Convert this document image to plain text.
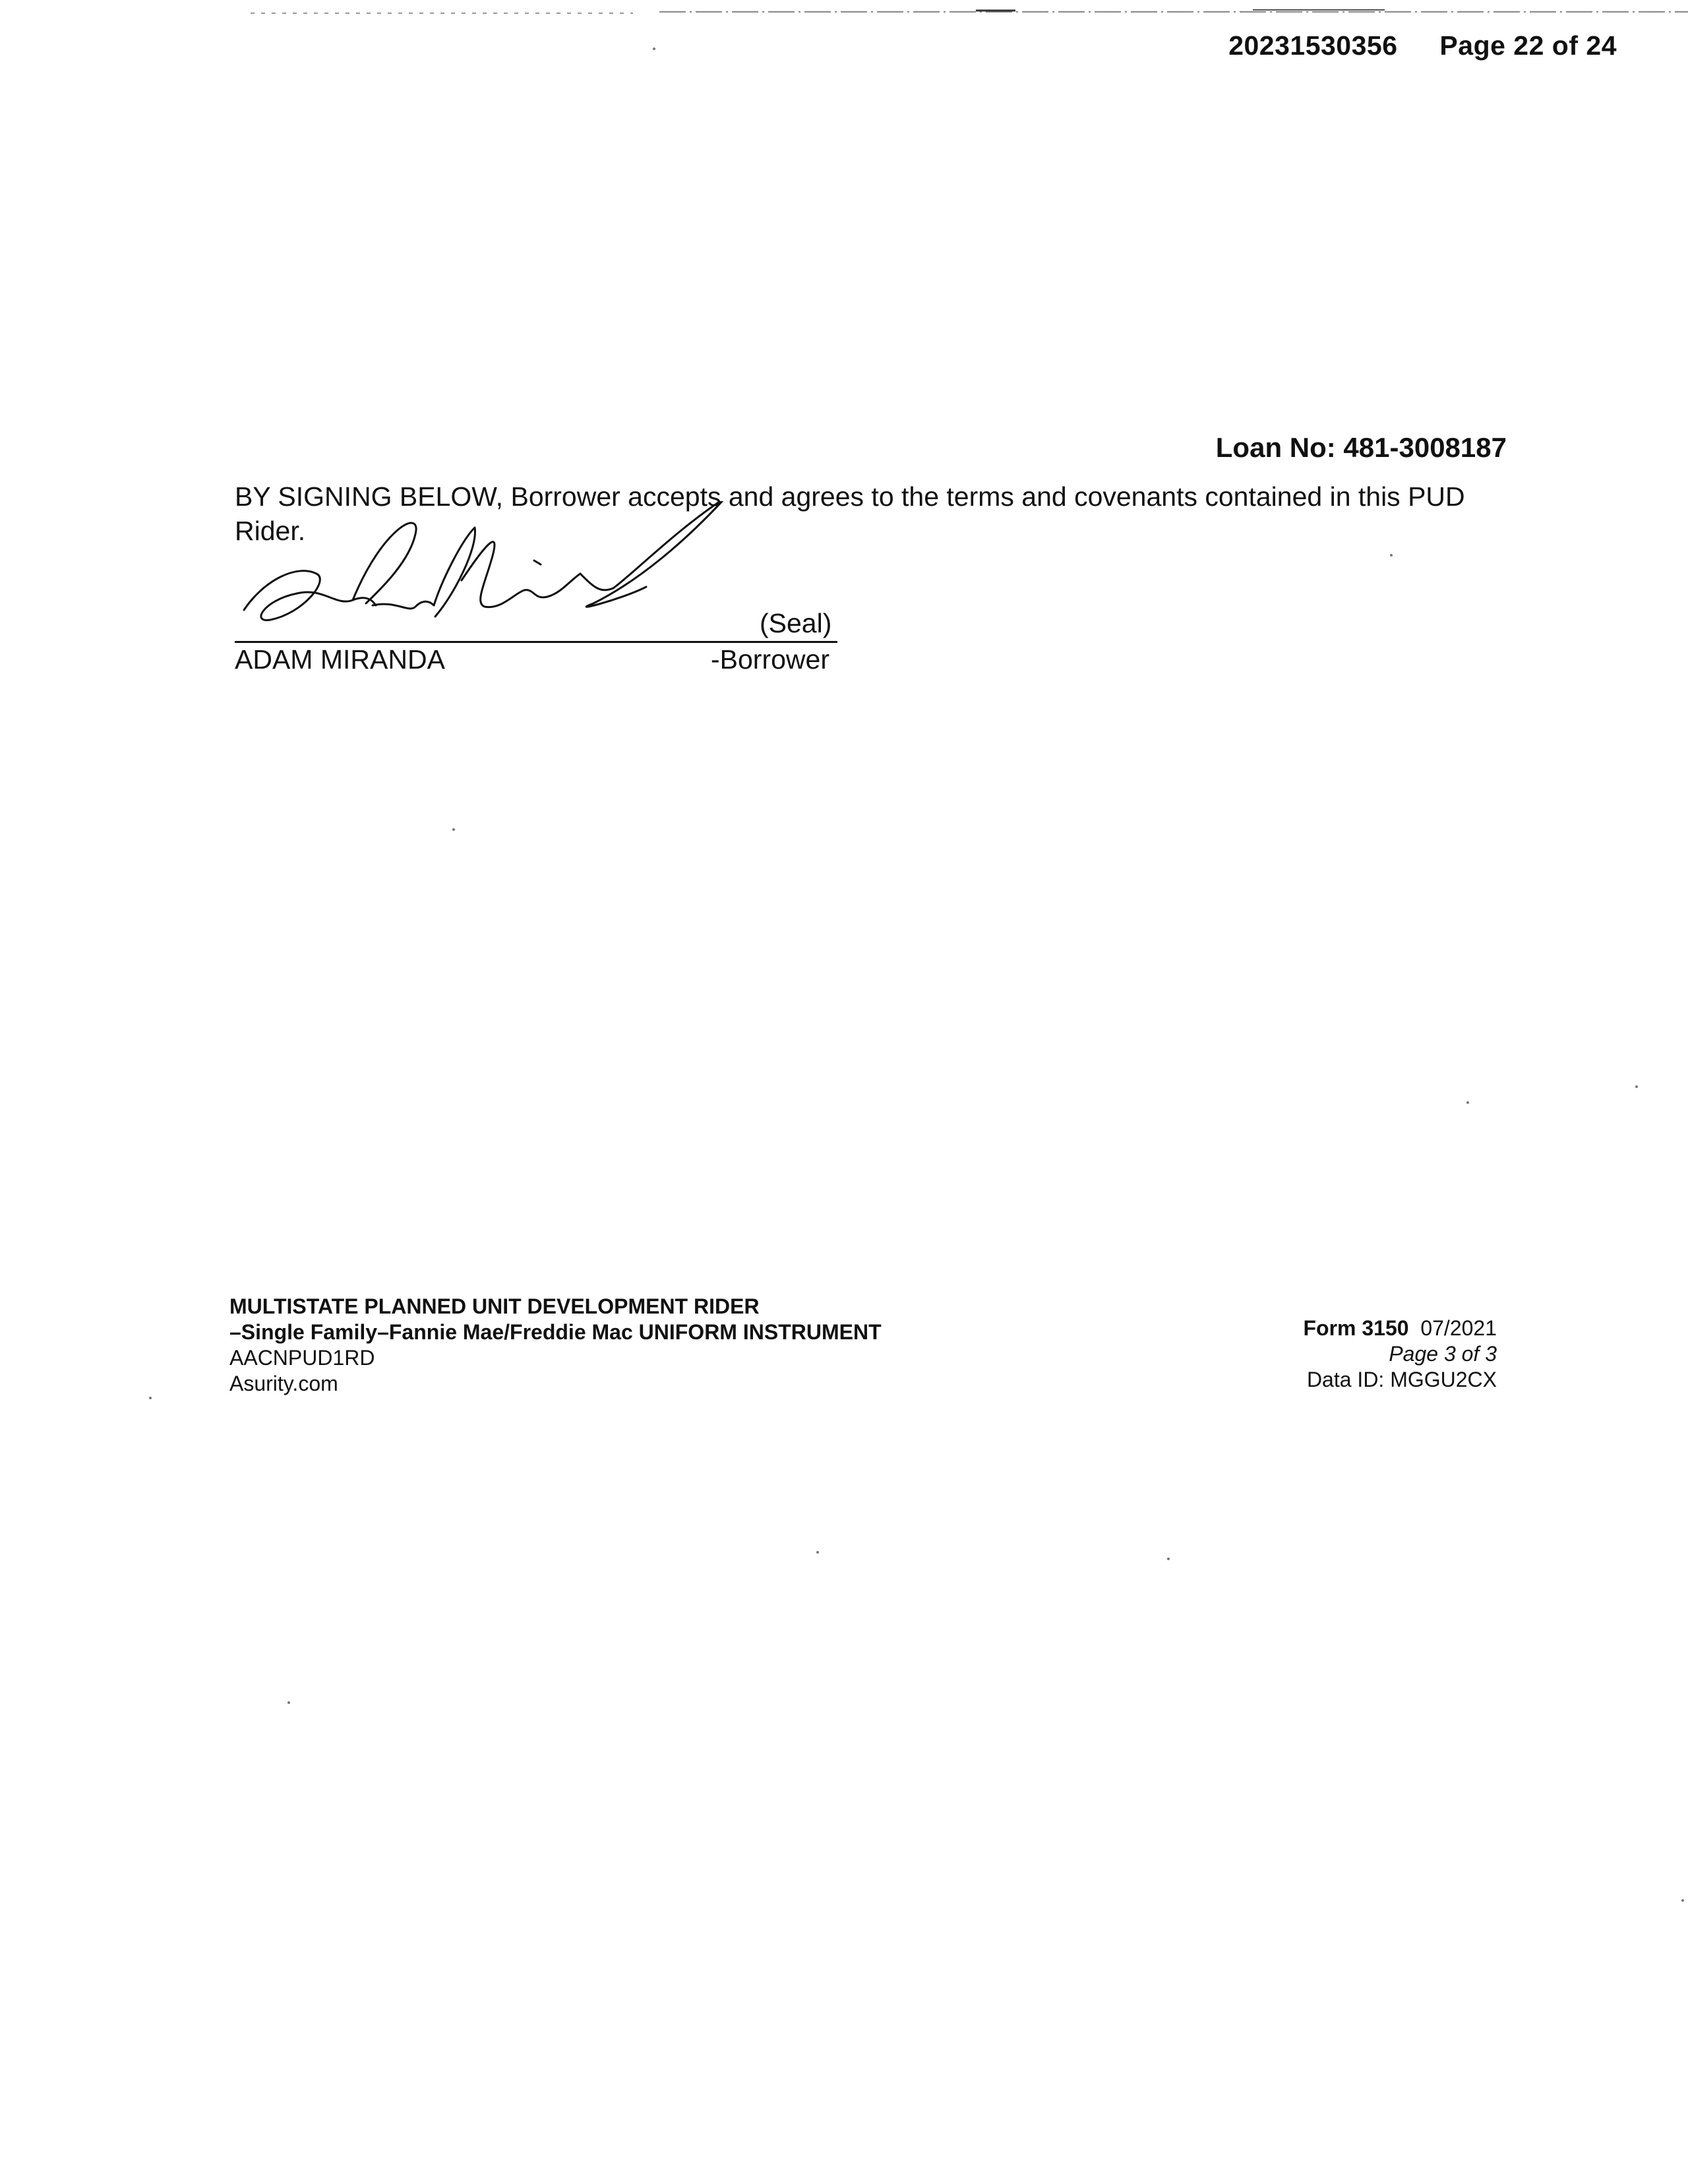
20231530356 Page 22 of 24
Loan No: 481-3008187
BY SIGNING BELOW, Borrower accepts and agrees to the terms and covenants contained in this PUD Rider.
(Seal)
ADAM MIRANDA	-Borrower
MULTISTATE PLANNED UNIT DEVELOPMENT RIDER
–Single Family–Fannie Mae/Freddie Mac UNIFORM INSTRUMENT
AACNPUD1RD
Asurity.com
Form 3150 07/2021
Page 3 of 3
Data ID: MGGU2CX
